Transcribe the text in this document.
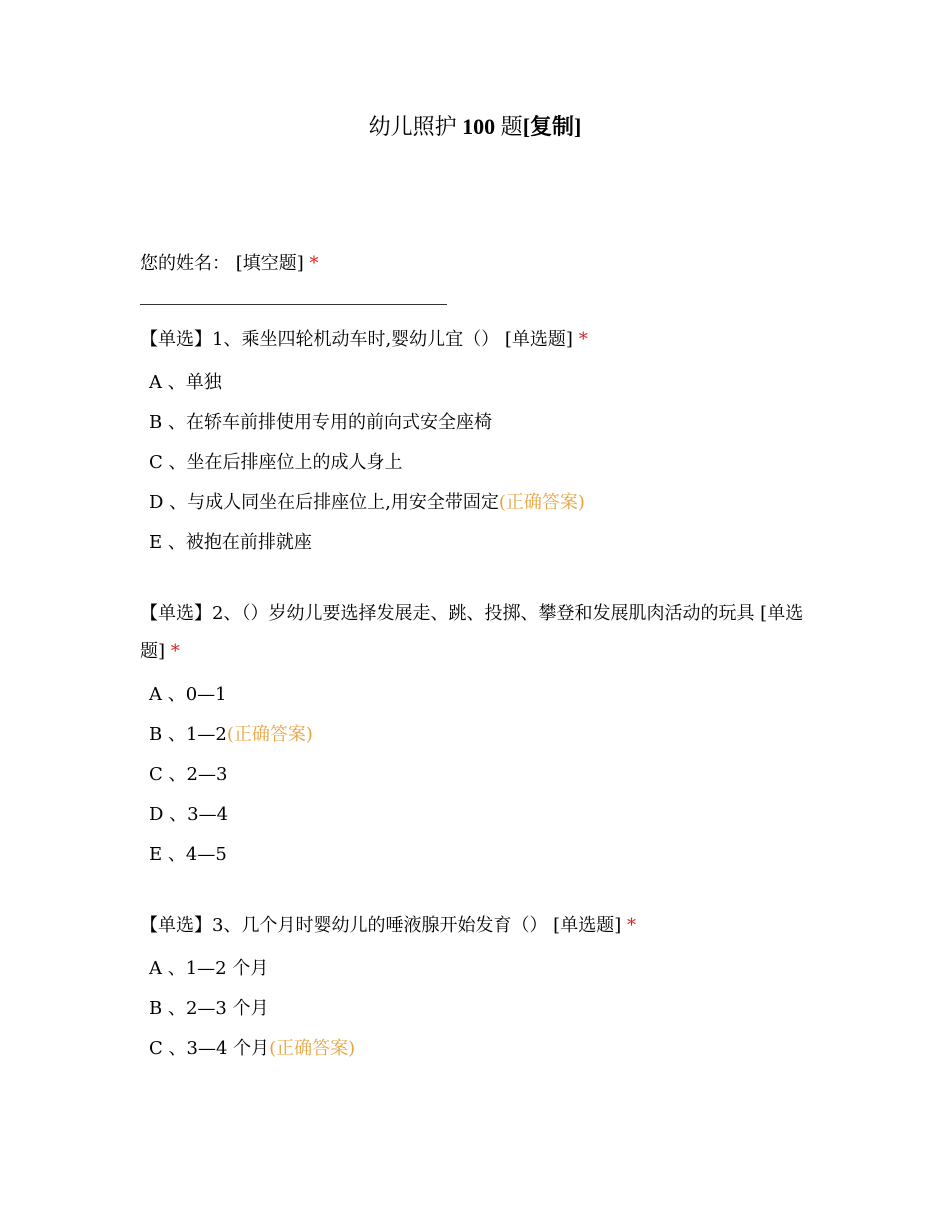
幼儿照护 100 题[复制]
您的姓名： [填空题] *
【单选】1、乘坐四轮机动车时,婴幼儿宜（） [单选题] *
A 、单独
B 、在轿车前排使用专用的前向式安全座椅
C 、坐在后排座位上的成人身上
D 、与成人同坐在后排座位上,用安全带固定(正确答案)
E 、被抱在前排就座
【单选】2、（）岁幼儿要选择发展走、跳、投掷、攀登和发展肌肉活动的玩具 [单选题] *
A 、0—1
B 、1—2(正确答案)
C 、2—3
D 、3—4
E 、4—5
【单选】3、几个月时婴幼儿的唾液腺开始发育（） [单选题] *
A 、1—2 个月
B 、2—3 个月
C 、3—4 个月(正确答案)
